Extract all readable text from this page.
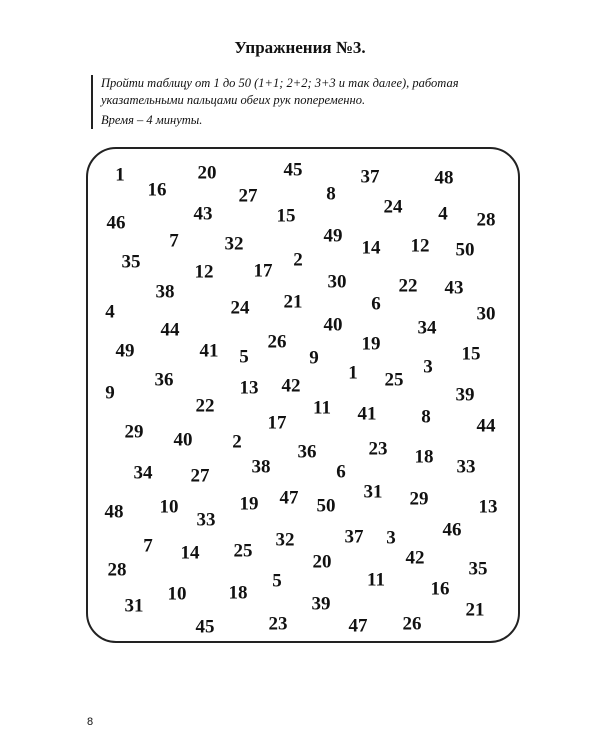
Упражнения №3.

Пройти таблицу от 1 до 50 (1+1; 2+2; 3+3 и так далее), работая указательными пальцами обеих рук попеременно.

Время – 4 минуты.

1
16
20
27
45
8
37	48
46	43	15	24 4 28
7 32	49
14 12 50
35	12 17
2
38	30	22 43
4	24 21	6	30
44	40	34
49	41 5
26
9
19	15
36	1	3
25
9	13 42	39
22	11 41 8
29 40 2
17	44
36	23 18
34 27 38	6	33
48 10	19 47 50
31 29	13
33
7
46
14 25
32	37 3
42
28	20	35
5	11 16
31
10 18
39	21
45	23	47 26
8
